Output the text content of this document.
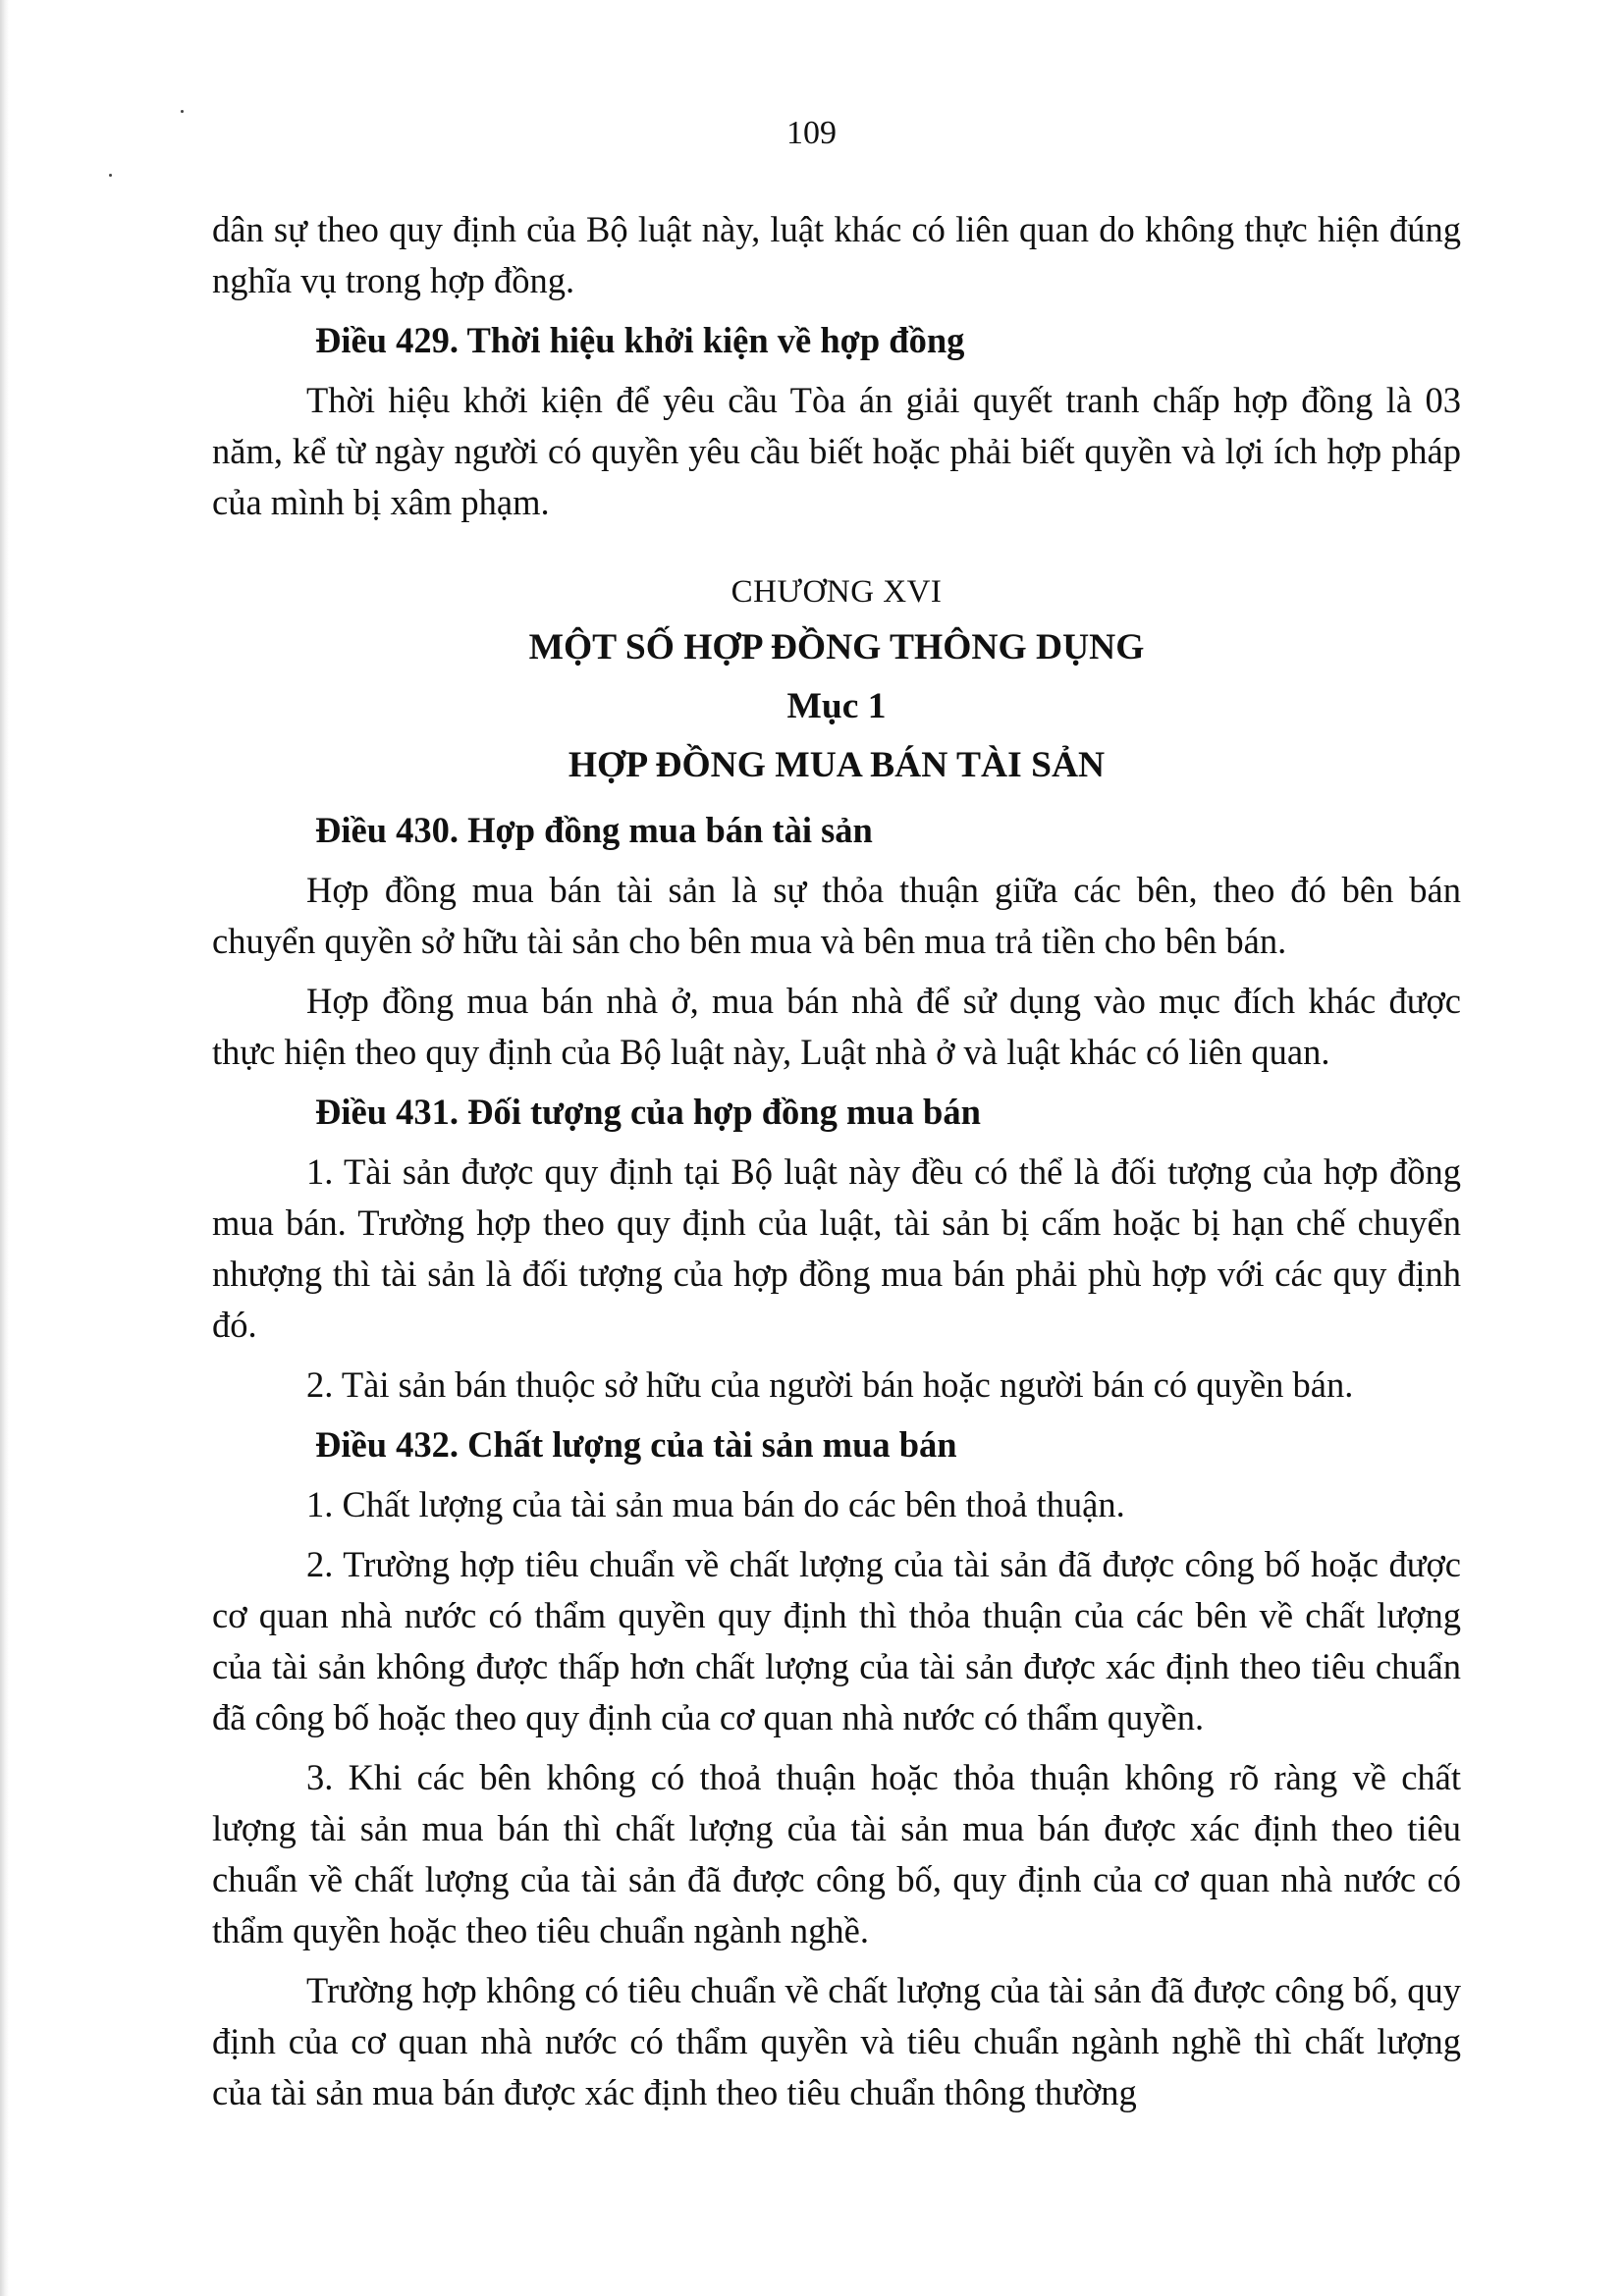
109

dân sự theo quy định của Bộ luật này, luật khác có liên quan do không thực hiện đúng nghĩa vụ trong hợp đồng.

Điều 429. Thời hiệu khởi kiện về hợp đồng

Thời hiệu khởi kiện để yêu cầu Tòa án giải quyết tranh chấp hợp đồng là 03 năm, kể từ ngày người có quyền yêu cầu biết hoặc phải biết quyền và lợi ích hợp pháp của mình bị xâm phạm.

CHƯƠNG XVI
MỘT SỐ HỢP ĐỒNG THÔNG DỤNG
Mục 1
HỢP ĐỒNG MUA BÁN TÀI SẢN
Điều 430. Hợp đồng mua bán tài sản

Hợp đồng mua bán tài sản là sự thỏa thuận giữa các bên, theo đó bên bán chuyển quyền sở hữu tài sản cho bên mua và bên mua trả tiền cho bên bán.

Hợp đồng mua bán nhà ở, mua bán nhà để sử dụng vào mục đích khác được thực hiện theo quy định của Bộ luật này, Luật nhà ở và luật khác có liên quan.

Điều 431. Đối tượng của hợp đồng mua bán

1. Tài sản được quy định tại Bộ luật này đều có thể là đối tượng của hợp đồng mua bán. Trường hợp theo quy định của luật, tài sản bị cấm hoặc bị hạn chế chuyển nhượng thì tài sản là đối tượng của hợp đồng mua bán phải phù hợp với các quy định đó.

2. Tài sản bán thuộc sở hữu của người bán hoặc người bán có quyền bán.

Điều 432. Chất lượng của tài sản mua bán

1. Chất lượng của tài sản mua bán do các bên thoả thuận.

2. Trường hợp tiêu chuẩn về chất lượng của tài sản đã được công bố hoặc được cơ quan nhà nước có thẩm quyền quy định thì thỏa thuận của các bên về chất lượng của tài sản không được thấp hơn chất lượng của tài sản được xác định theo tiêu chuẩn đã công bố hoặc theo quy định của cơ quan nhà nước có thẩm quyền.

3. Khi các bên không có thoả thuận hoặc thỏa thuận không rõ ràng về chất lượng tài sản mua bán thì chất lượng của tài sản mua bán được xác định theo tiêu chuẩn về chất lượng của tài sản đã được công bố, quy định của cơ quan nhà nước có thẩm quyền hoặc theo tiêu chuẩn ngành nghề.

Trường hợp không có tiêu chuẩn về chất lượng của tài sản đã được công bố, quy định của cơ quan nhà nước có thẩm quyền và tiêu chuẩn ngành nghề thì chất lượng của tài sản mua bán được xác định theo tiêu chuẩn thông thường
